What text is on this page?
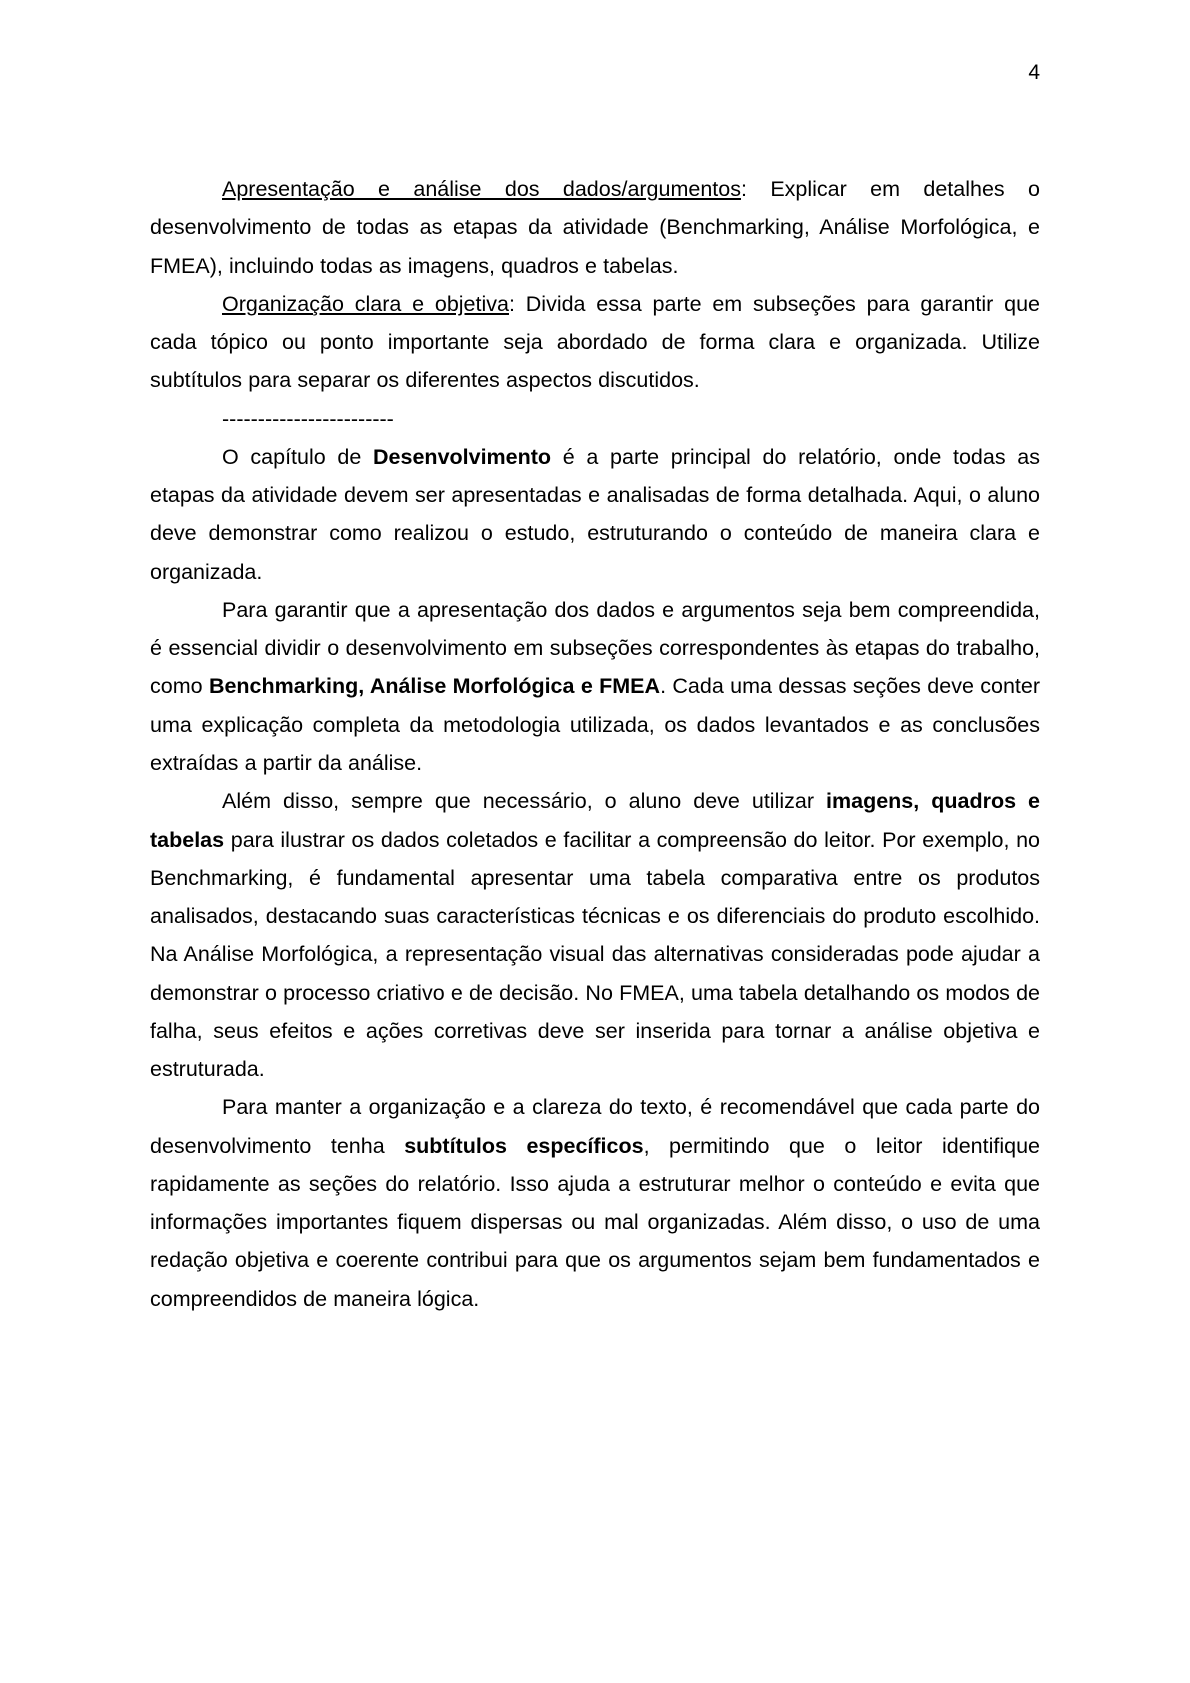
4

Apresentação e análise dos dados/argumentos: Explicar em detalhes o desenvolvimento de todas as etapas da atividade (Benchmarking, Análise Morfológica, e FMEA), incluindo todas as imagens, quadros e tabelas.

Organização clara e objetiva: Divida essa parte em subseções para garantir que cada tópico ou ponto importante seja abordado de forma clara e organizada. Utilize subtítulos para separar os diferentes aspectos discutidos.

------------------------

O capítulo de Desenvolvimento é a parte principal do relatório, onde todas as etapas da atividade devem ser apresentadas e analisadas de forma detalhada. Aqui, o aluno deve demonstrar como realizou o estudo, estruturando o conteúdo de maneira clara e organizada.

Para garantir que a apresentação dos dados e argumentos seja bem compreendida, é essencial dividir o desenvolvimento em subseções correspondentes às etapas do trabalho, como Benchmarking, Análise Morfológica e FMEA. Cada uma dessas seções deve conter uma explicação completa da metodologia utilizada, os dados levantados e as conclusões extraídas a partir da análise.

Além disso, sempre que necessário, o aluno deve utilizar imagens, quadros e tabelas para ilustrar os dados coletados e facilitar a compreensão do leitor. Por exemplo, no Benchmarking, é fundamental apresentar uma tabela comparativa entre os produtos analisados, destacando suas características técnicas e os diferenciais do produto escolhido. Na Análise Morfológica, a representação visual das alternativas consideradas pode ajudar a demonstrar o processo criativo e de decisão. No FMEA, uma tabela detalhando os modos de falha, seus efeitos e ações corretivas deve ser inserida para tornar a análise objetiva e estruturada.

Para manter a organização e a clareza do texto, é recomendável que cada parte do desenvolvimento tenha subtítulos específicos, permitindo que o leitor identifique rapidamente as seções do relatório. Isso ajuda a estruturar melhor o conteúdo e evita que informações importantes fiquem dispersas ou mal organizadas. Além disso, o uso de uma redação objetiva e coerente contribui para que os argumentos sejam bem fundamentados e compreendidos de maneira lógica.
